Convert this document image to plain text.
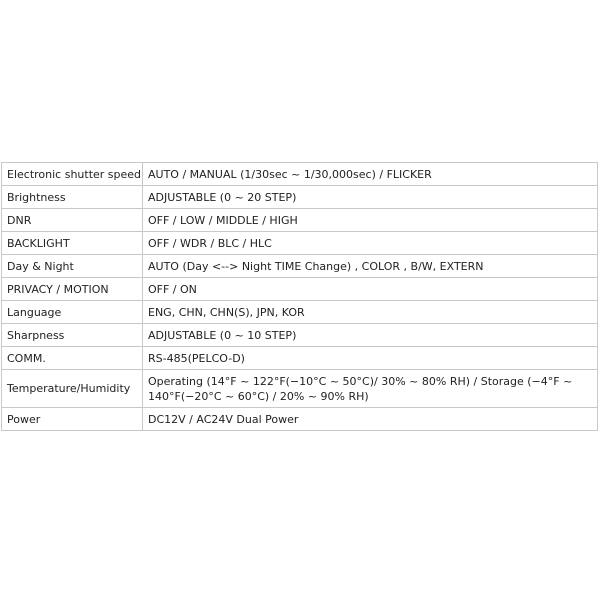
Electronic shutter speed	AUTO / MANUAL (1/30sec ~ 1/30,000sec) / FLICKER
Brightness	ADJUSTABLE (0 ~ 20 STEP)
DNR	OFF / LOW / MIDDLE / HIGH
BACKLIGHT	OFF / WDR / BLC / HLC
Day & Night	AUTO (Day <--> Night TIME Change) , COLOR , B/W, EXTERN
PRIVACY / MOTION	OFF / ON
Language	ENG, CHN, CHN(S), JPN, KOR
Sharpness	ADJUSTABLE (0 ~ 10 STEP)
COMM.	RS-485(PELCO-D)
Temperature/Humidity	Operating (14°F ~ 122°F(−10°C ~ 50°C)/ 30% ~ 80% RH) / Storage (−4°F ~ 140°F(−20°C ~ 60°C) / 20% ~ 90% RH)
Power	DC12V / AC24V Dual Power
